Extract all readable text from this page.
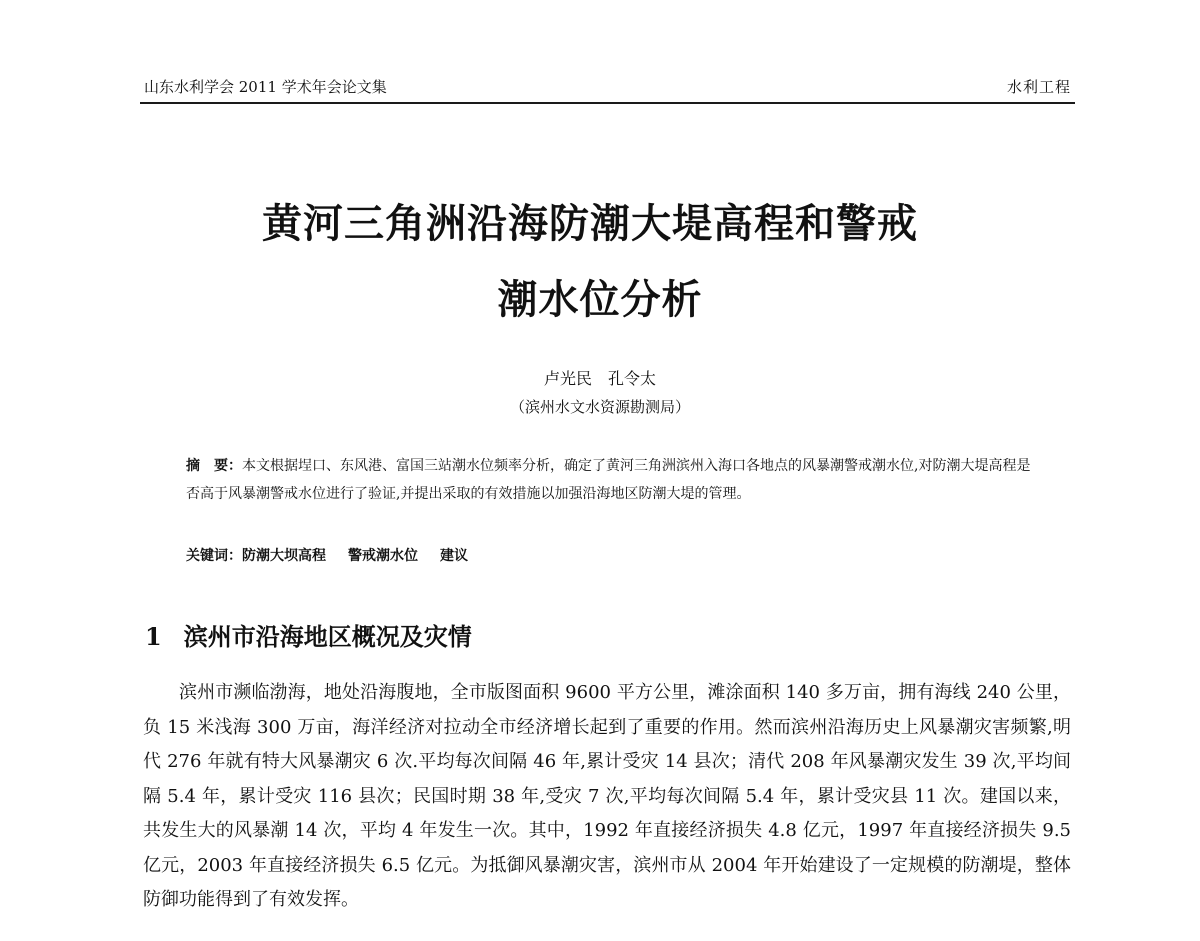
山东水利学会 2011 学术年会论文集	水利工程
黄河三角洲沿海防潮大堤高程和警戒
潮水位分析
卢光民　孔令太
（滨州水文水资源勘测局）
摘　要：本文根据埕口、东风港、富国三站潮水位频率分析，确定了黄河三角洲滨州入海口各地点的风暴潮警戒潮水位,对防潮大堤高程是否高于风暴潮警戒水位进行了验证,并提出采取的有效措施以加强沿海地区防潮大堤的管理。
关键词：防潮大坝高程 警戒潮水位 建议
1 滨州市沿海地区概况及灾情
滨州市濒临渤海，地处沿海腹地，全市版图面积 9600 平方公里，滩涂面积 140 多万亩，拥有海线 240 公里，负 15 米浅海 300 万亩，海洋经济对拉动全市经济增长起到了重要的作用。然而滨州沿海历史上风暴潮灾害频繁,明代 276 年就有特大风暴潮灾 6 次.平均每次间隔 46 年,累计受灾 14 县次；清代 208 年风暴潮灾发生 39 次,平均间隔 5.4 年，累计受灾 116 县次；民国时期 38 年,受灾 7 次,平均每次间隔 5.4 年，累计受灾县 11 次。建国以来，共发生大的风暴潮 14 次，平均 4 年发生一次。其中，1992 年直接经济损失 4.8 亿元，1997 年直接经济损失 9.5 亿元，2003 年直接经济损失 6.5 亿元。为抵御风暴潮灾害，滨州市从 2004 年开始建设了一定规模的防潮堤，整体防御功能得到了有效发挥。
